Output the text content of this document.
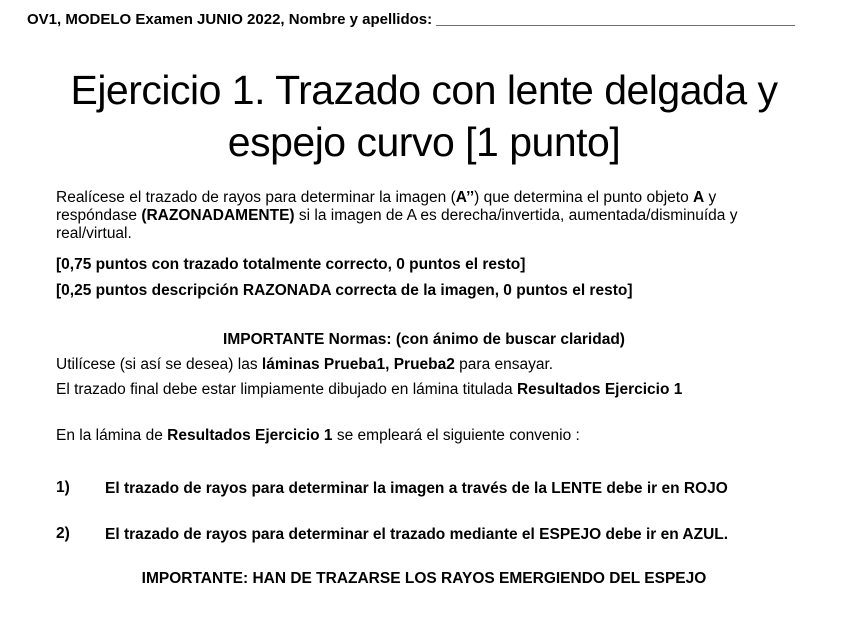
OV1, MODELO Examen JUNIO 2022, Nombre y apellidos: ___________________________________________
Ejercicio 1. Trazado con lente delgada y
espejo curvo [1 punto]
Realícese el trazado de rayos para determinar la imagen (A’’) que determina el punto objeto A y respóndase (RAZONADAMENTE) si la imagen de A es derecha/invertida, aumentada/disminuída y real/virtual.
[0,75 puntos con trazado totalmente correcto, 0 puntos el resto]
[0,25 puntos descripción RAZONADA correcta de la imagen, 0 puntos el resto]
IMPORTANTE Normas: (con ánimo de buscar claridad)
Utilícese (si así se desea) las láminas Prueba1, Prueba2 para ensayar.
El trazado final debe estar limpiamente dibujado en lámina titulada Resultados Ejercicio 1
En la lámina de Resultados Ejercicio 1 se empleará el siguiente convenio :
1) El trazado de rayos para determinar la imagen a través de la LENTE debe ir en ROJO
2) El trazado de rayos para determinar el trazado mediante el ESPEJO debe ir en AZUL.
IMPORTANTE: HAN DE TRAZARSE LOS RAYOS EMERGIENDO DEL ESPEJO
